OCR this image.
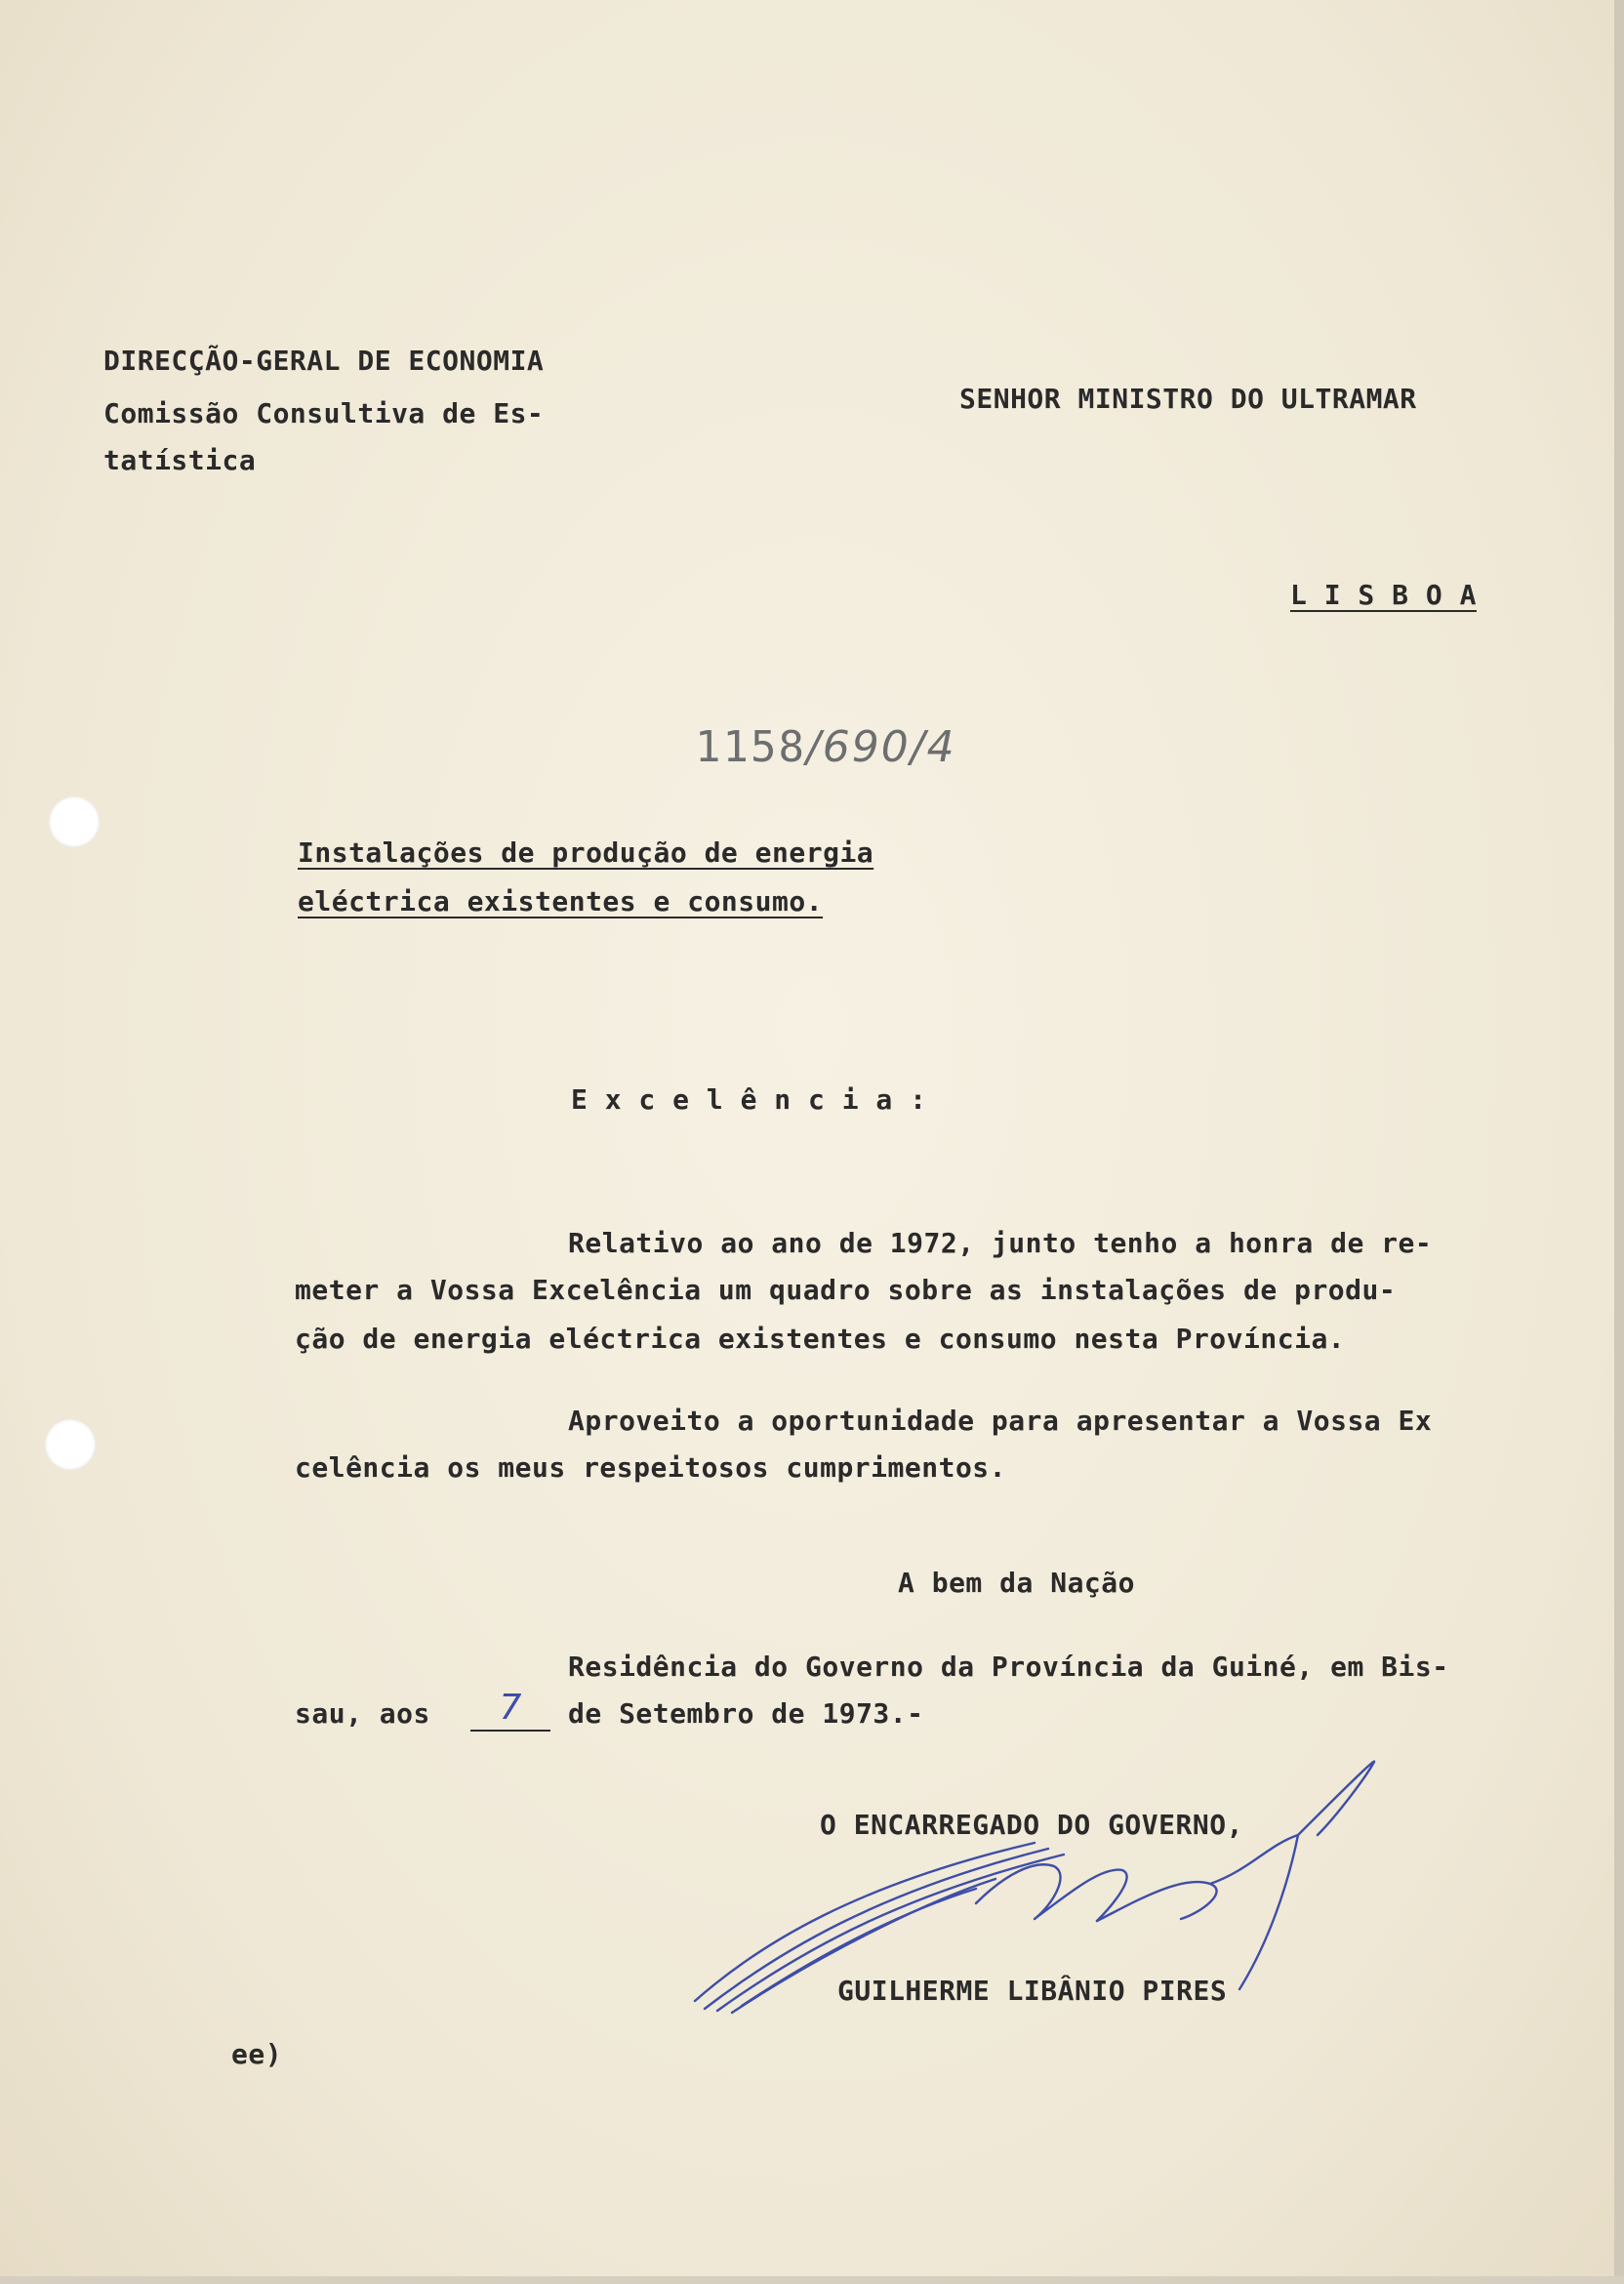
DIRECÇÃO-GERAL DE ECONOMIA
Comissão Consultiva de Es-
tatística
SENHOR MINISTRO DO ULTRAMAR
L I S B O A
1158/690/4
Instalações de produção de energia
eléctrica existentes e consumo.
E x c e l ê n c i a :
Relativo ao ano de 1972, junto tenho a honra de re-
meter a Vossa Excelência um quadro sobre as instalações de produ-
ção de energia eléctrica existentes e consumo nesta Província.
Aproveito a oportunidade para apresentar a Vossa Ex
celência os meus respeitosos cumprimentos.
A bem da Nação
Residência do Governo da Província da Guiné, em Bis-
sau, aos	7	de Setembro de 1973.-
O ENCARREGADO DO GOVERNO,
GUILHERME LIBÂNIO PIRES
ee)
